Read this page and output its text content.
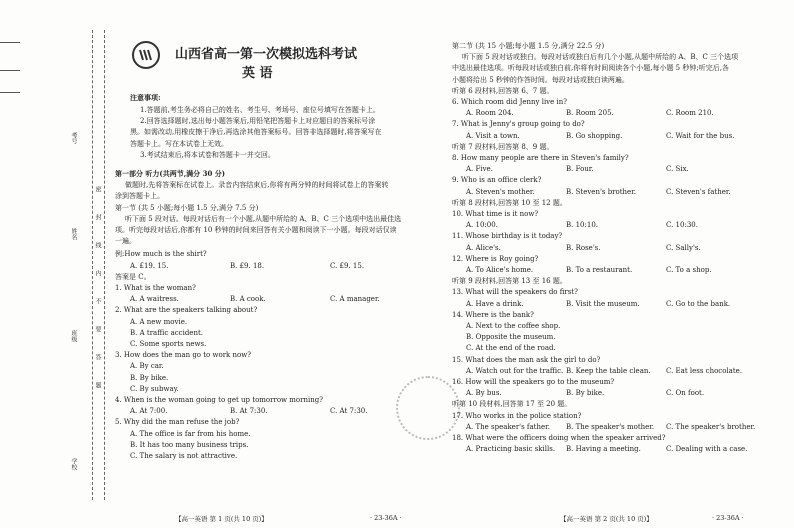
考号
姓名
班级
学校
密
封
线
内
不
要
答
题
山西省高一第一次模拟选科考试
英 语
注意事项:
1.答题前,考生务必将自己的姓名、考生号、考场号、座位号填写在答题卡上。
2.回答选择题时,选出每小题答案后,用铅笔把答题卡上对应题目的答案标号涂
黑。如需改动,用橡皮擦干净后,再选涂其他答案标号。回答非选择题时,将答案写在
答题卡上。写在本试卷上无效。
3.考试结束后,将本试卷和答题卡一并交回。
第一部分 听力(共两节,满分 30 分)
做题时,先将答案标在试卷上。录音内容结束后,你将有两分钟的时间将试卷上的答案转
涂到答题卡上。
第一节 (共 5 小题;每小题 1.5 分,满分 7.5 分)
听下面 5 段对话。每段对话后有一个小题,从题中所给的 A、B、C 三个选项中选出最佳选
项。听完每段对话后,你都有 10 秒钟的时间来回答有关小题和阅读下一小题。每段对话仅读
一遍。
例:How much is the shirt?
A. £19. 15.	B. £9. 18.	C. £9. 15.
答案是 C。
1. What is the woman?
A. A waitress.	B. A cook.	C. A manager.
2. What are the speakers talking about?
A. A new movie.
B. A traffic accident.
C. Some sports news.
3. How does the man go to work now?
A. By car.
B. By bike.
C. By subway.
4. When is the woman going to get up tomorrow morning?
A. At 7:00.	B. At 7:30.	C. At 7:30.
5. Why did the man refuse the job?
A. The office is far from his home.
B. It has too many business trips.
C. The salary is not attractive.
第二节 (共 15 小题;每小题 1.5 分,满分 22.5 分)
听下面 5 段对话或独白。每段对话或独白后有几个小题,从题中所给的 A、B、C 三个选项
中选出最佳选项。听每段对话或独白前,你将有时间阅读各个小题,每小题 5 秒钟;听完后,各
小题将给出 5 秒钟的作答时间。每段对话或独白读两遍。
听第 6 段材料,回答第 6、7 题。
6. Which room did Jenny live in?
A. Room 204.	B. Room 205.	C. Room 210.
7. What is Jenny's group going to do?
A. Visit a town.	B. Go shopping.	C. Wait for the bus.
听第 7 段材料,回答第 8、9 题。
8. How many people are there in Steven's family?
A. Five.	B. Four.	C. Six.
9. Who is an office clerk?
A. Steven's mother.	B. Steven's brother.	C. Steven's father.
听第 8 段材料,回答第 10 至 12 题。
10. What time is it now?
A. 10:00.	B. 10:10.	C. 10:30.
11. Whose birthday is it today?
A. Alice's.	B. Rose's.	C. Sally's.
12. Where is Roy going?
A. To Alice's home.	B. To a restaurant.	C. To a shop.
听第 9 段材料,回答第 13 至 16 题。
13. What will the speakers do first?
A. Have a drink.	B. Visit the museum.	C. Go to the bank.
14. Where is the bank?
A. Next to the coffee shop.
B. Opposite the museum.
C. At the end of the road.
15. What does the man ask the girl to do?
A. Watch out for the traffic. B. Keep the table clean. C. Eat less chocolate.
16. How will the speakers go to the museum?
A. By bus.	B. By bike.	C. On foot.
听第 10 段材料,回答第 17 至 20 题。
17. Who works in the police station?
A. The speaker's father. B. The speaker's mother. C. The speaker's brother.
18. What were the officers doing when the speaker arrived?
A. Practicing basic skills. B. Having a meeting.	C. Dealing with a case.
【高一英语 第 1 页(共 10 页)】	· 23-36A ·	【高一英语 第 2 页(共 10 页)】	· 23-36A ·
